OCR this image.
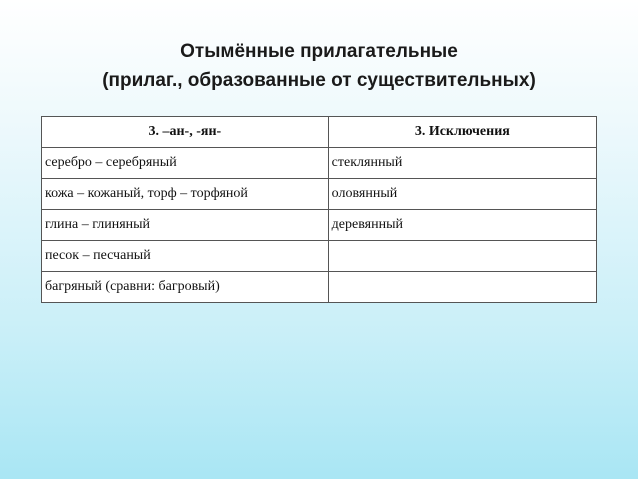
Отымённые прилагательные
(прилаг., образованные от существительных)
3. –ан-, -ян-	3. Исключения
серебро – серебряный	стеклянный
кожа – кожаный, торф – торфяной	оловянный
глина – глиняный	деревянный
песок – песчаный	
багряный (сравни: багровый)	
